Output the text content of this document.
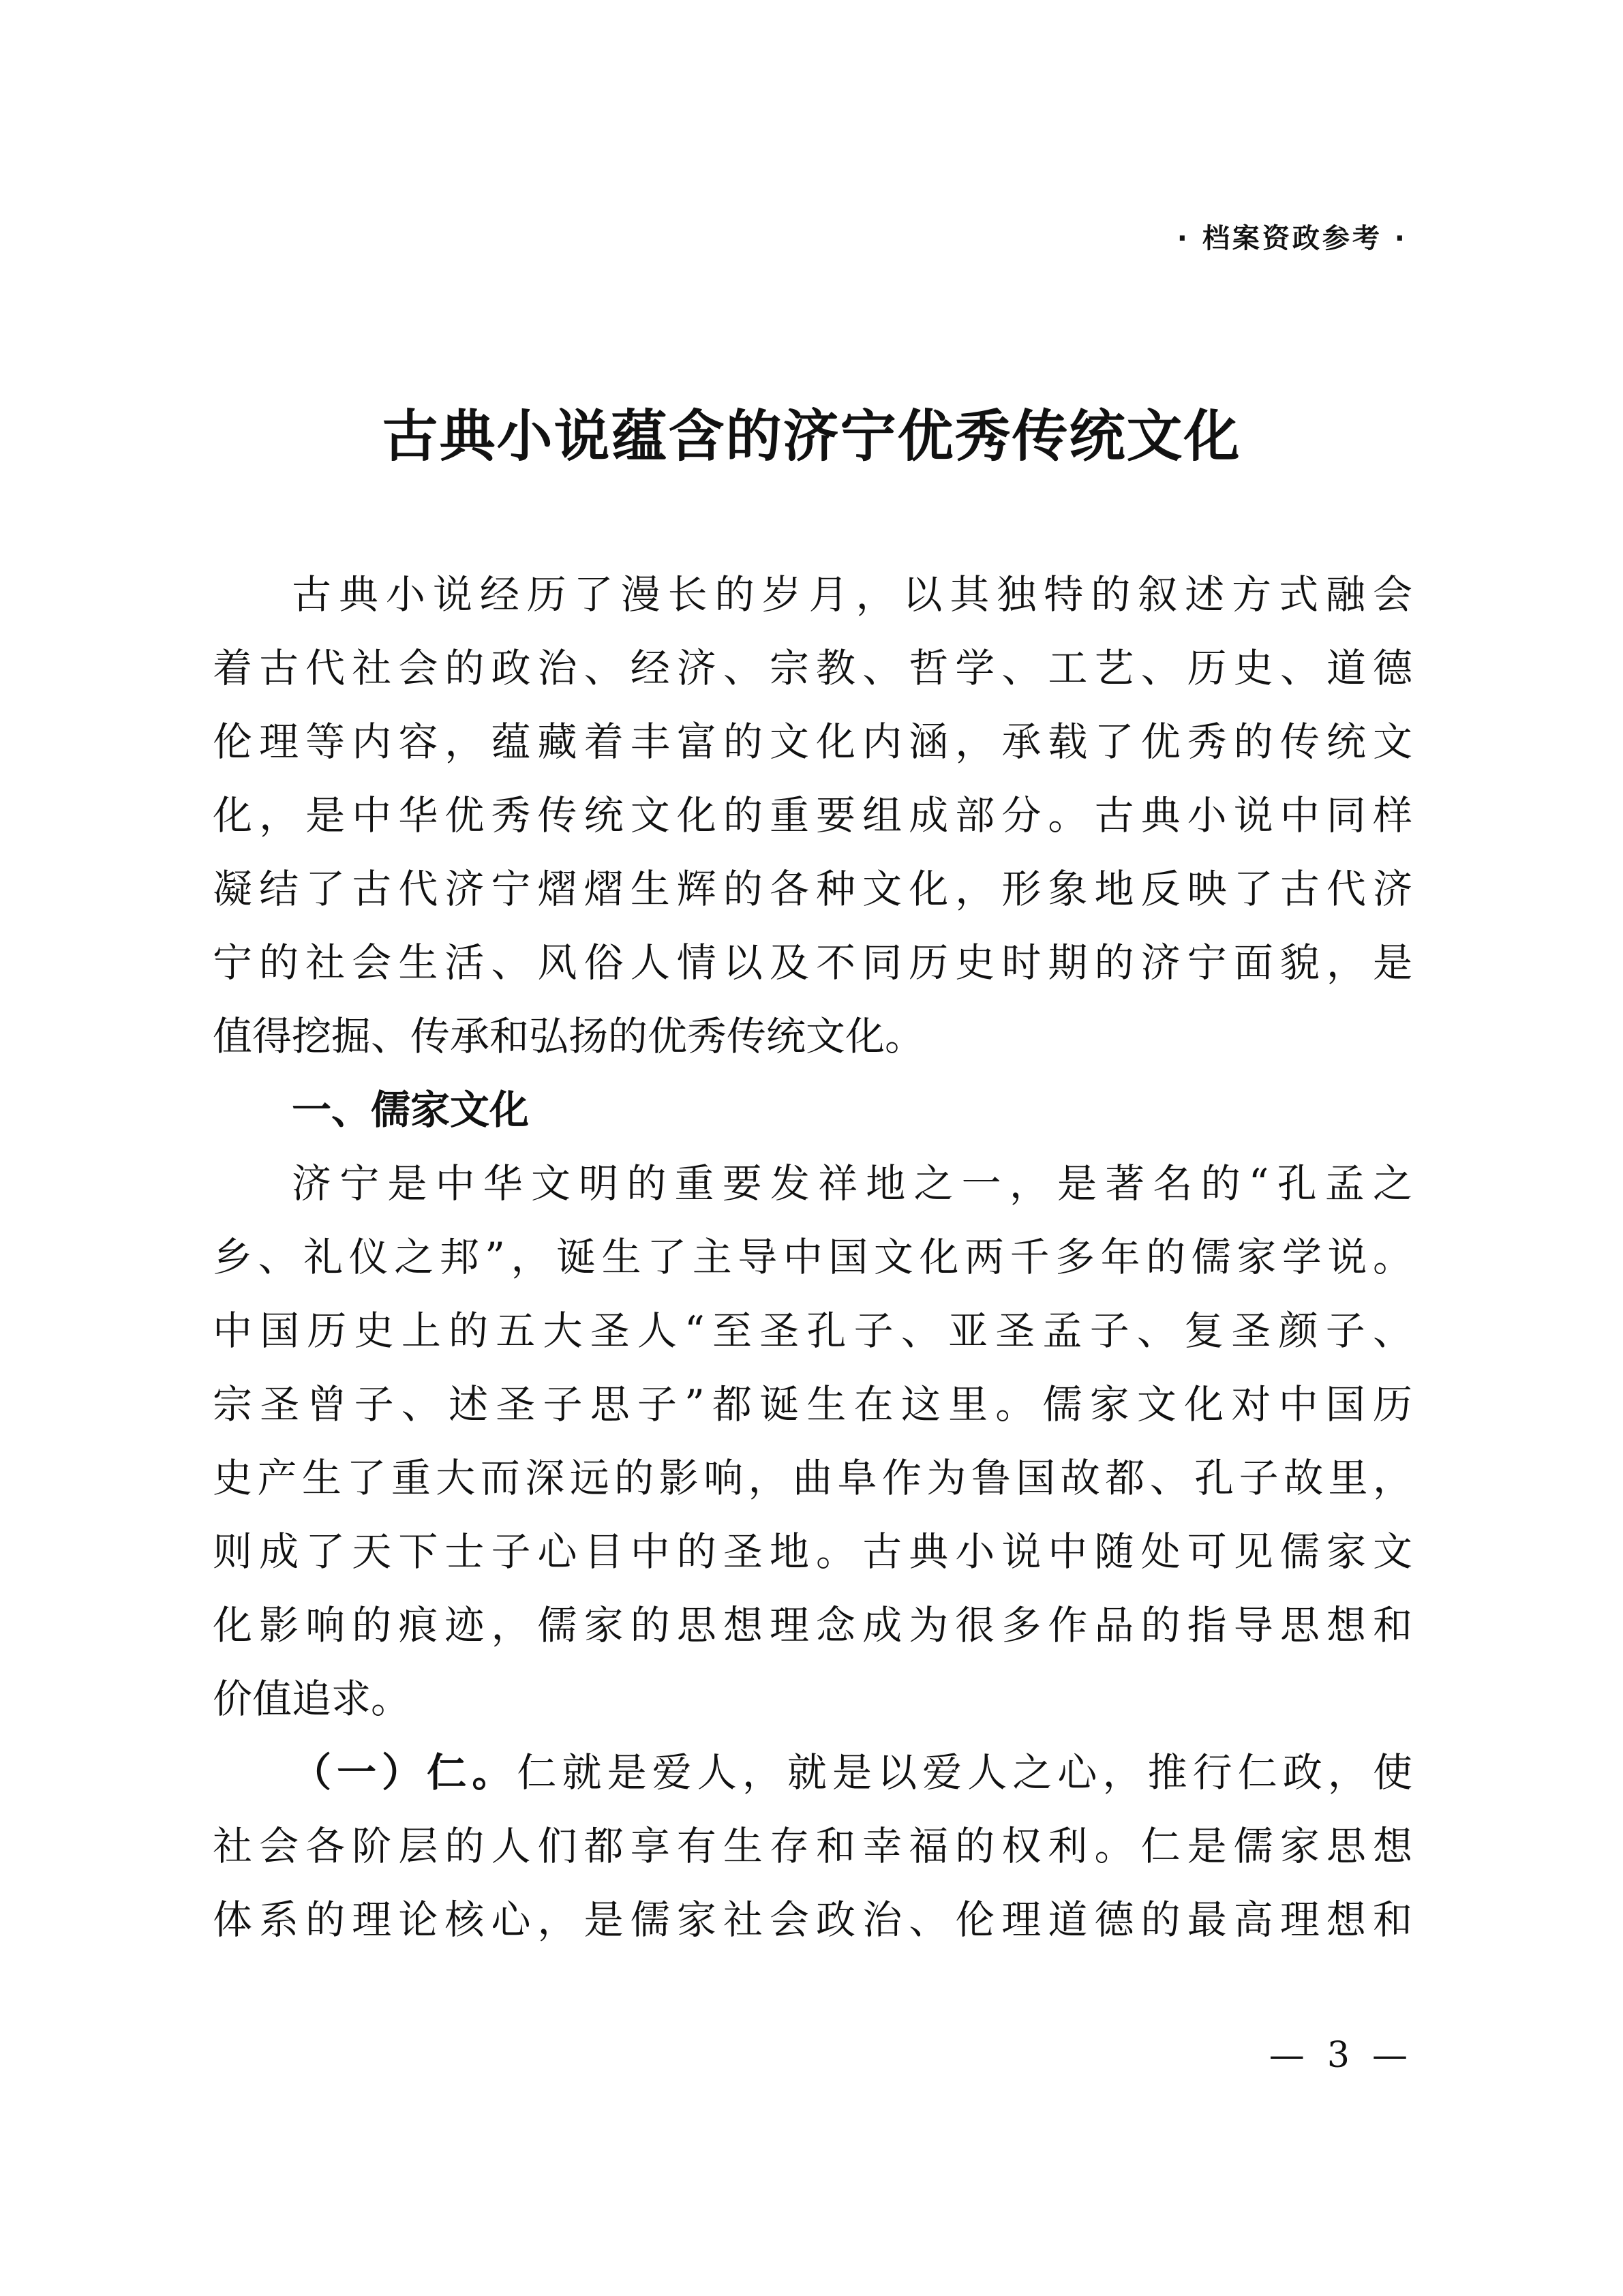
· 档案资政参考 ·
古典小说蕴含的济宁优秀传统文化
古典小说经历了漫长的岁月，以其独特的叙述方式融会
着古代社会的政治、经济、宗教、哲学、工艺、历史、道德
伦理等内容，蕴藏着丰富的文化内涵，承载了优秀的传统文
化，是中华优秀传统文化的重要组成部分。古典小说中同样
凝结了古代济宁熠熠生辉的各种文化，形象地反映了古代济
宁的社会生活、风俗人情以及不同历史时期的济宁面貌，是
值得挖掘、传承和弘扬的优秀传统文化。
一、儒家文化
济宁是中华文明的重要发祥地之一，是著名的“孔孟之
乡、礼仪之邦”，诞生了主导中国文化两千多年的儒家学说。
中国历史上的五大圣人“至圣孔子、亚圣孟子、复圣颜子、
宗圣曾子、述圣子思子”都诞生在这里。儒家文化对中国历
史产生了重大而深远的影响，曲阜作为鲁国故都、孔子故里，
则成了天下士子心目中的圣地。古典小说中随处可见儒家文
化影响的痕迹，儒家的思想理念成为很多作品的指导思想和
价值追求。
（一）仁。仁就是爱人，就是以爱人之心，推行仁政，使
社会各阶层的人们都享有生存和幸福的权利。仁是儒家思想
体系的理论核心，是儒家社会政治、伦理道德的最高理想和
—  3  —
